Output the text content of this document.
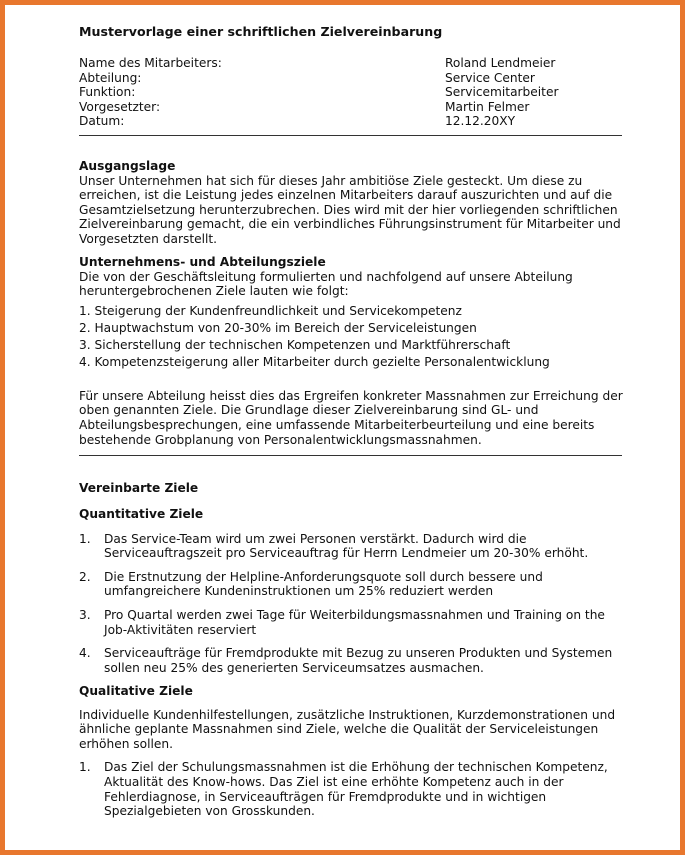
Mustervorlage einer schriftlichen Zielvereinbarung
Name des Mitarbeiters:	Roland Lendmeier
Abteilung:	Service Center
Funktion:	Servicemitarbeiter
Vorgesetzter:	Martin Felmer
Datum:	12.12.20XY
Ausgangslage

Unser Unternehmen hat sich für dieses Jahr ambitiöse Ziele gesteckt. Um diese zu erreichen, ist die Leistung jedes einzelnen Mitarbeiters darauf auszurichten und auf die Gesamtzielsetzung herunterzubrechen. Dies wird mit der hier vorliegenden schriftlichen Zielvereinbarung gemacht, die ein verbindliches Führungsinstrument für Mitarbeiter und Vorgesetzten darstellt.

Unternehmens- und Abteilungsziele

Die von der Geschäftsleitung formulierten und nachfolgend auf unsere Abteilung heruntergebrochenen Ziele lauten wie folgt:

1. Steigerung der Kundenfreundlichkeit und Servicekompetenz
2. Hauptwachstum von 20-30% im Bereich der Serviceleistungen
3. Sicherstellung der technischen Kompetenzen und Marktführerschaft
4. Kompetenzsteigerung aller Mitarbeiter durch gezielte Personalentwicklung

Für unsere Abteilung heisst dies das Ergreifen konkreter Massnahmen zur Erreichung der oben genannten Ziele. Die Grundlage dieser Zielvereinbarung sind GL- und Abteilungsbesprechungen, eine umfassende Mitarbeiterbeurteilung und eine bereits bestehende Grobplanung von Personalentwicklungsmassnahmen.

Vereinbarte Ziele
Quantitative Ziele
1.	Das Service-Team wird um zwei Personen verstärkt. Dadurch wird die Serviceauftragszeit pro Serviceauftrag für Herrn Lendmeier um 20-30% erhöht.
2.	Die Erstnutzung der Helpline-Anforderungsquote soll durch bessere und umfangreichere Kundeninstruktionen um 25% reduziert werden
3.	Pro Quartal werden zwei Tage für Weiterbildungsmassnahmen und Training on the Job-Aktivitäten reserviert
4.	Serviceaufträge für Fremdprodukte mit Bezug zu unseren Produkten und Systemen sollen neu 25% des generierten Serviceumsatzes ausmachen.
Qualitative Ziele

Individuelle Kundenhilfestellungen, zusätzliche Instruktionen, Kurzdemonstrationen und ähnliche geplante Massnahmen sind Ziele, welche die Qualität der Serviceleistungen erhöhen sollen.

1.	Das Ziel der Schulungsmassnahmen ist die Erhöhung der technischen Kompetenz, Aktualität des Know-hows. Das Ziel ist eine erhöhte Kompetenz auch in der Fehlerdiagnose, in Serviceaufträgen für Fremdprodukte und in wichtigen Spezialgebieten von Grosskunden.
